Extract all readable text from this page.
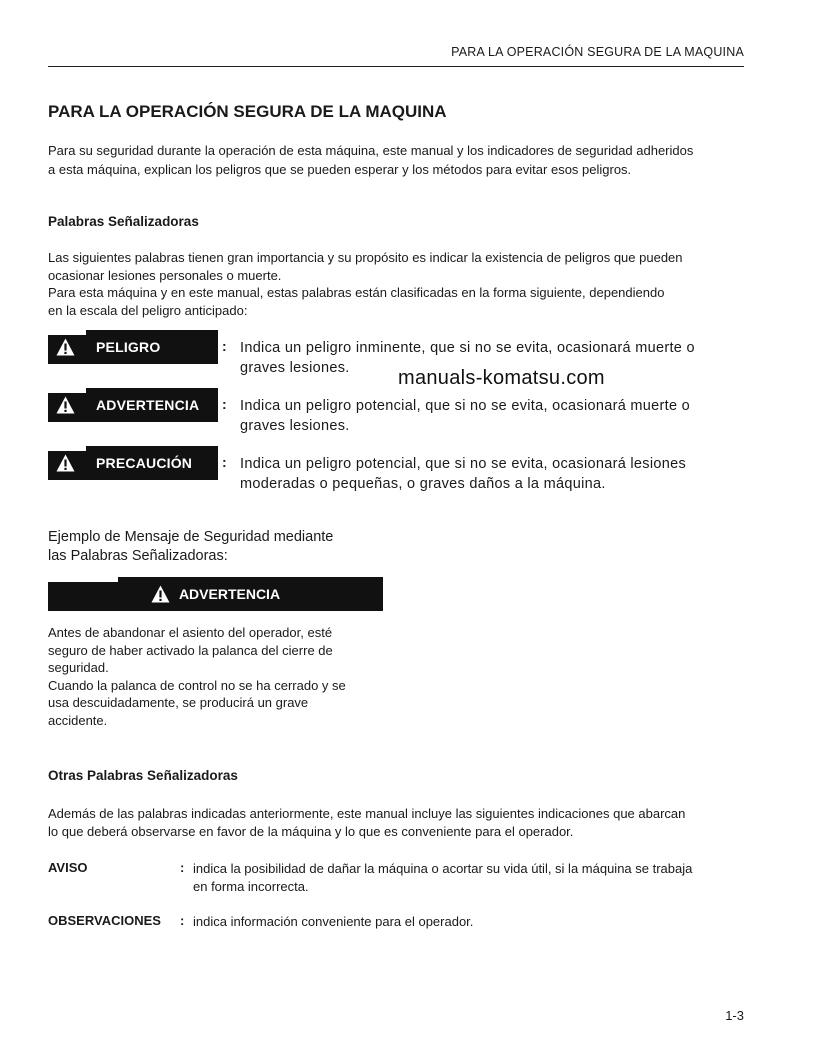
PARA LA OPERACIÓN SEGURA DE LA MAQUINA
PARA LA OPERACIÓN SEGURA DE LA MAQUINA
Para su seguridad durante la operación de esta máquina, este manual y los indicadores de seguridad adheridos
a esta máquina, explican los peligros que se pueden esperar y los métodos para evitar esos peligros.
Palabras Señalizadoras
Las siguientes palabras tienen gran importancia y su propósito es indicar la existencia de peligros que pueden
ocasionar lesiones personales o muerte.
Para esta máquina y en este manual, estas palabras están clasificadas en la forma siguiente, dependiendo
en la escala del peligro anticipado:
PELIGRO	: Indica un peligro inminente, que si no se evita, ocasionará muerte o
graves lesiones.
ADVERTENCIA : Indica un peligro potencial, que si no se evita, ocasionará muerte o
graves lesiones.
PRECAUCIÓN : Indica un peligro potencial, que si no se evita, ocasionará lesiones
moderadas o pequeñas, o graves daños a la máquina.
manuals-komatsu.com
Ejemplo de Mensaje de Seguridad mediante
las Palabras Señalizadoras:
ADVERTENCIA
Antes de abandonar el asiento del operador, esté
seguro de haber activado la palanca del cierre de
seguridad.
Cuando la palanca de control no se ha cerrado y se
usa descuidadamente, se producirá un grave
accidente.
Otras Palabras Señalizadoras
Además de las palabras indicadas anteriormente, este manual incluye las siguientes indicaciones que abarcan
lo que deberá observarse en favor de la máquina y lo que es conveniente para el operador.
AVISO	: indica la posibilidad de dañar la máquina o acortar su vida útil, si la máquina se trabaja
en forma incorrecta.
OBSERVACIONES : indica información conveniente para el operador.
1-3
